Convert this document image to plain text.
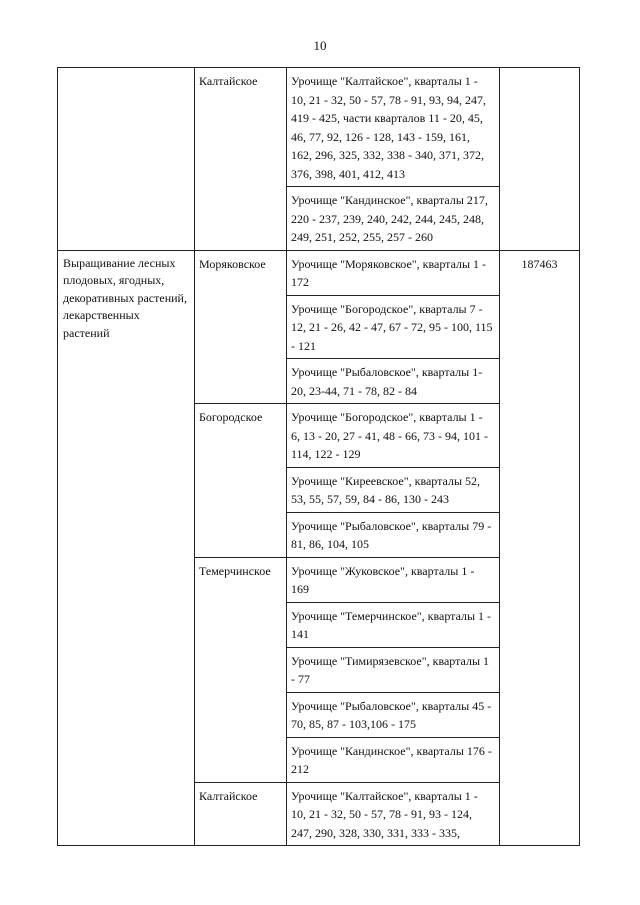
10
	Калтайское	Урочище "Калтайское", кварталы 1 - 10, 21 - 32, 50 - 57, 78 - 91, 93, 94, 247, 419 - 425, части кварталов 11 - 20, 45, 46, 77, 92, 126 - 128, 143 - 159, 161, 162, 296, 325, 332, 338 - 340, 371, 372, 376, 398, 401, 412, 413	
		Урочище "Кандинское", кварталы 217, 220 - 237, 239, 240, 242, 244, 245, 248, 249, 251, 252, 255, 257 - 260	
Выращивание лесных плодовых, ягодных, декоративных растений, лекарственных растений	Моряковское	Урочище "Моряковское", кварталы 1 - 172	187463
		Урочище "Богородское", кварталы 7 - 12, 21 - 26, 42 - 47, 67 - 72, 95 - 100, 115 - 121	
		Урочище "Рыбаловское", кварталы 1-20, 23-44, 71 - 78, 82 - 84	
	Богородское	Урочище "Богородское", кварталы 1 - 6, 13 - 20, 27 - 41, 48 - 66, 73 - 94, 101 - 114, 122 - 129	
		Урочище "Киреевское", кварталы 52, 53, 55, 57, 59, 84 - 86, 130 - 243	
		Урочище "Рыбаловское", кварталы 79 - 81, 86, 104, 105	
	Темерчинское	Урочище "Жуковское", кварталы 1 - 169	
		Урочище "Темерчинское", кварталы 1 - 141	
		Урочище "Тимирязевское", кварталы 1 - 77	
		Урочище "Рыбаловское", кварталы 45 - 70, 85, 87 - 103,106 - 175	
		Урочище "Кандинское", кварталы 176 - 212	
	Калтайское	Урочище "Калтайское", кварталы 1 - 10, 21 - 32, 50 - 57, 78 - 91, 93 - 124, 247, 290, 328, 330, 331, 333 - 335,	
